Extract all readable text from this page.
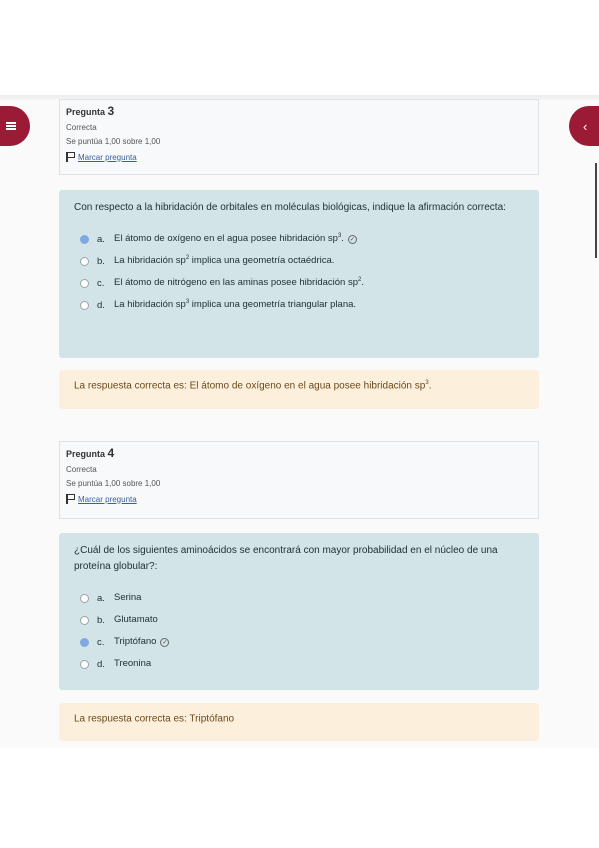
‹
Pregunta 3
Correcta
Se puntúa 1,00 sobre 1,00
Marcar pregunta
Con respecto a la hibridación de orbitales en moléculas biológicas, indique la afirmación correcta:
a. El átomo de oxígeno en el agua posee hibridación $sp^3$. ✓
b. La hibridación $sp^2$ implica una geometría octaédrica.
c.	El átomo de nitrógeno en las aminas posee hibridación $sp^2$.
d. La hibridación $sp^3$ implica una geometría triangular plana.
La respuesta correcta es: El átomo de oxígeno en el agua posee hibridación $sp^3$.
Pregunta 4
Correcta
Se puntúa 1,00 sobre 1,00
Marcar pregunta
¿Cuál de los siguientes aminoácidos se encontrará con mayor probabilidad en el núcleo de una proteína globular?:
a. Serina
b. Glutamato
c.	Triptófano ✓
d. Treonina
La respuesta correcta es: Triptófano
